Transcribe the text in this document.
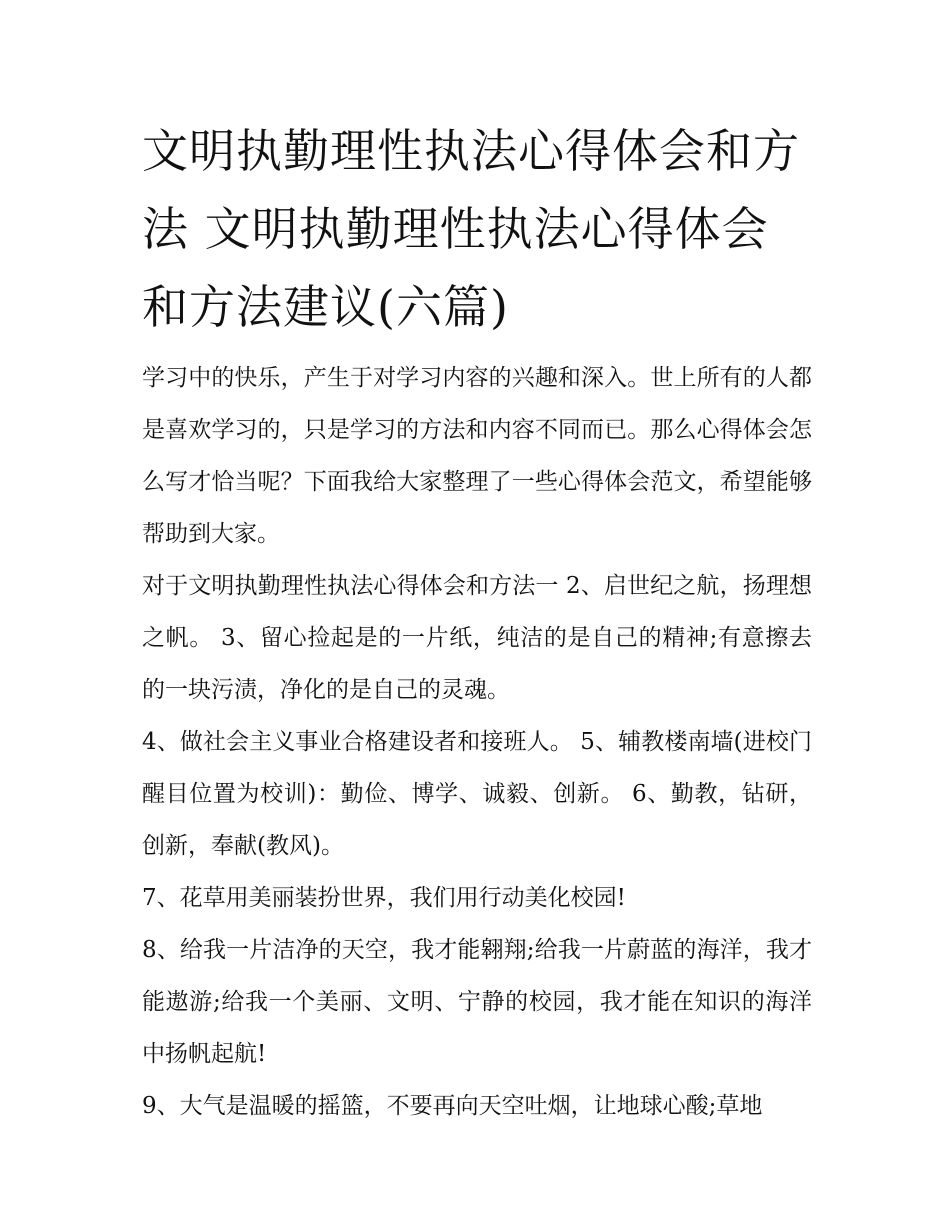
文明执勤理性执法心得体会和方法 文明执勤理性执法心得体会和方法建议(六篇)

学习中的快乐，产生于对学习内容的兴趣和深入。世上所有的人都是喜欢学习的，只是学习的方法和内容不同而已。那么心得体会怎么写才恰当呢？下面我给大家整理了一些心得体会范文，希望能够帮助到大家。

对于文明执勤理性执法心得体会和方法一 2、启世纪之航，扬理想之帆。 3、留心捡起是的一片纸，纯洁的是自己的精神;有意擦去的一块污渍，净化的是自己的灵魂。

4、做社会主义事业合格建设者和接班人。 5、辅教楼南墙(进校门醒目位置为校训)：勤俭、博学、诚毅、创新。 6、勤教，钻研，创新，奉献(教风)。

7、花草用美丽装扮世界，我们用行动美化校园!

8、给我一片洁净的天空，我才能翱翔;给我一片蔚蓝的海洋，我才能遨游;给我一个美丽、文明、宁静的校园，我才能在知识的海洋中扬帆起航!

9、大气是温暖的摇篮，不要再向天空吐烟，让地球心酸;草地
